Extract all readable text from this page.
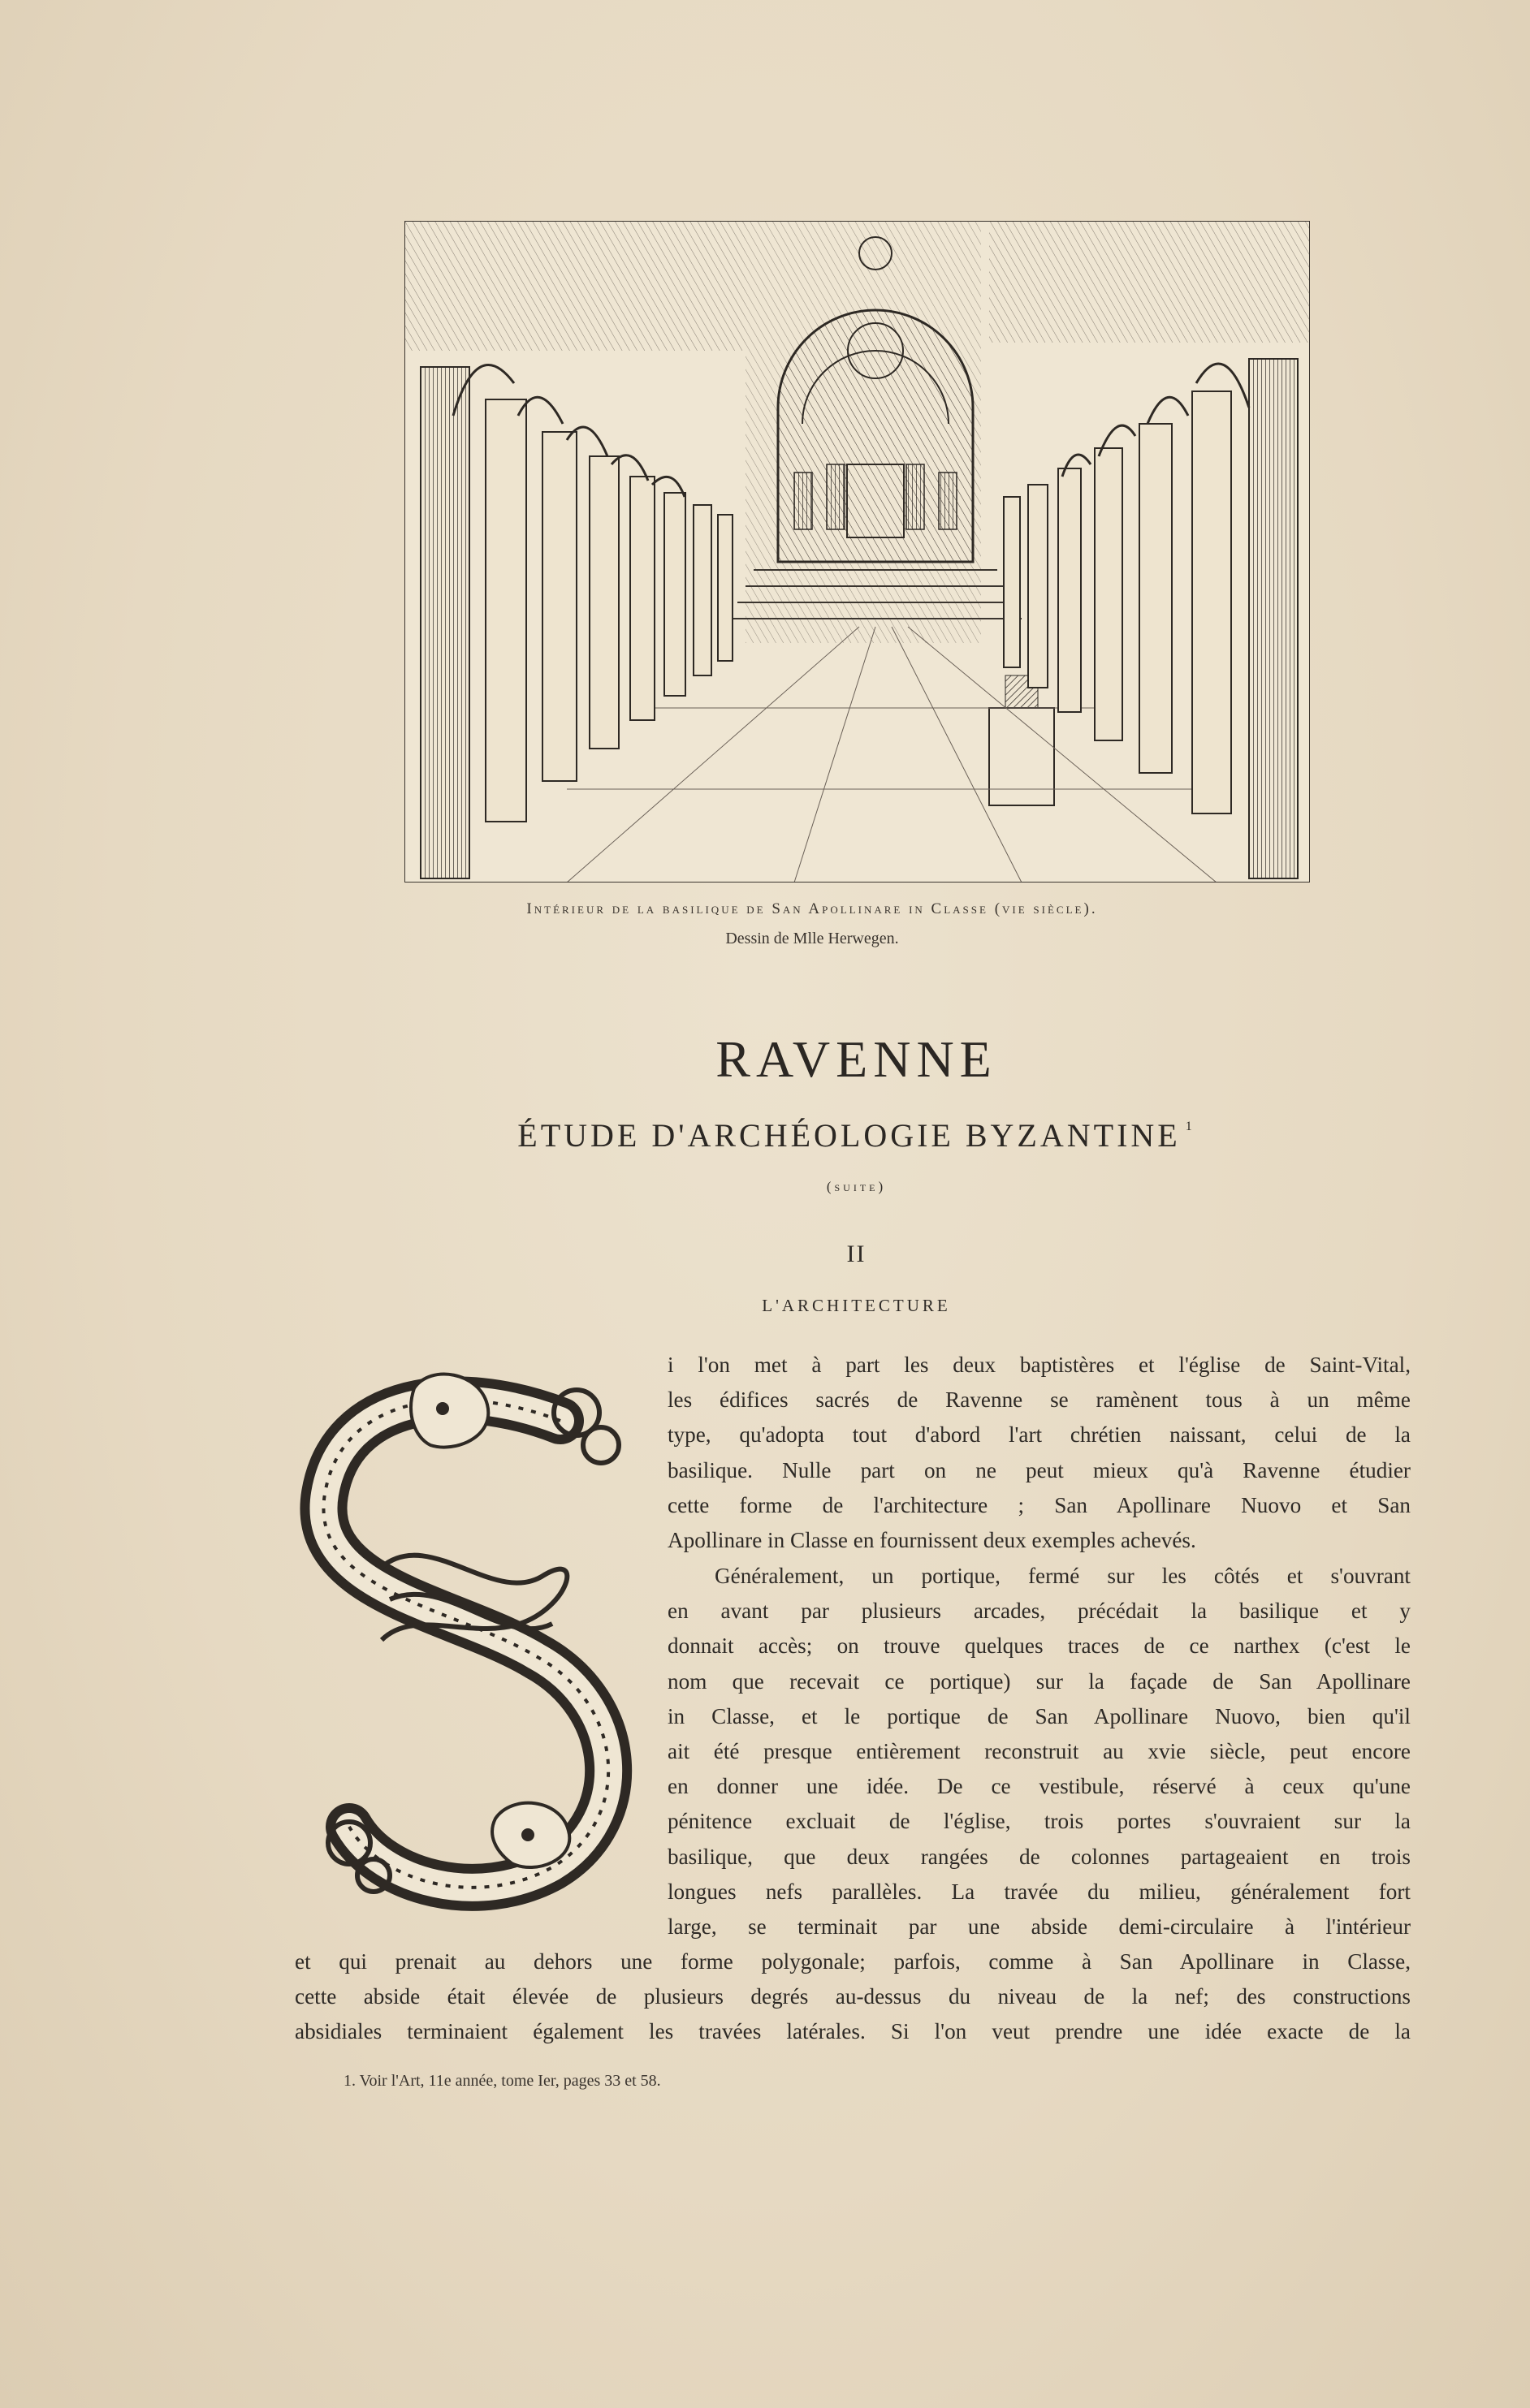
Intérieur de la basilique de San Apollinare in Classe (vie siècle).
Dessin de Mlle Herwegen.
RAVENNE
ÉTUDE D'ARCHÉOLOGIE BYZANTINE $^1$
(suite)
II
L'ARCHITECTURE
i l'on met à part les deux baptistères et l'église de Saint-Vital,
les édifices sacrés de Ravenne se ramènent tous à un même
type, qu'adopta tout d'abord l'art chrétien naissant, celui de la
basilique. Nulle part on ne peut mieux qu'à Ravenne étudier
cette forme de l'architecture ; San Apollinare Nuovo et San
Apollinare in Classe en fournissent deux exemples achevés.
Généralement, un portique, fermé sur les côtés et s'ouvrant
en avant par plusieurs arcades, précédait la basilique et y
donnait accès; on trouve quelques traces de ce narthex (c'est le
nom que recevait ce portique) sur la façade de San Apollinare
in Classe, et le portique de San Apollinare Nuovo, bien qu'il
ait été presque entièrement reconstruit au xvie siècle, peut encore
en donner une idée. De ce vestibule, réservé à ceux qu'une
pénitence excluait de l'église, trois portes s'ouvraient sur la
basilique, que deux rangées de colonnes partageaient en trois
longues nefs parallèles. La travée du milieu, généralement fort
large, se terminait par une abside demi-circulaire à l'intérieur
et qui prenait au dehors une forme polygonale; parfois, comme à San Apollinare in Classe,
cette abside était élevée de plusieurs degrés au-dessus du niveau de la nef; des constructions
absidiales terminaient également les travées latérales. Si l'on veut prendre une idée exacte de la
1. Voir l'Art, 11e année, tome Ier, pages 33 et 58.
